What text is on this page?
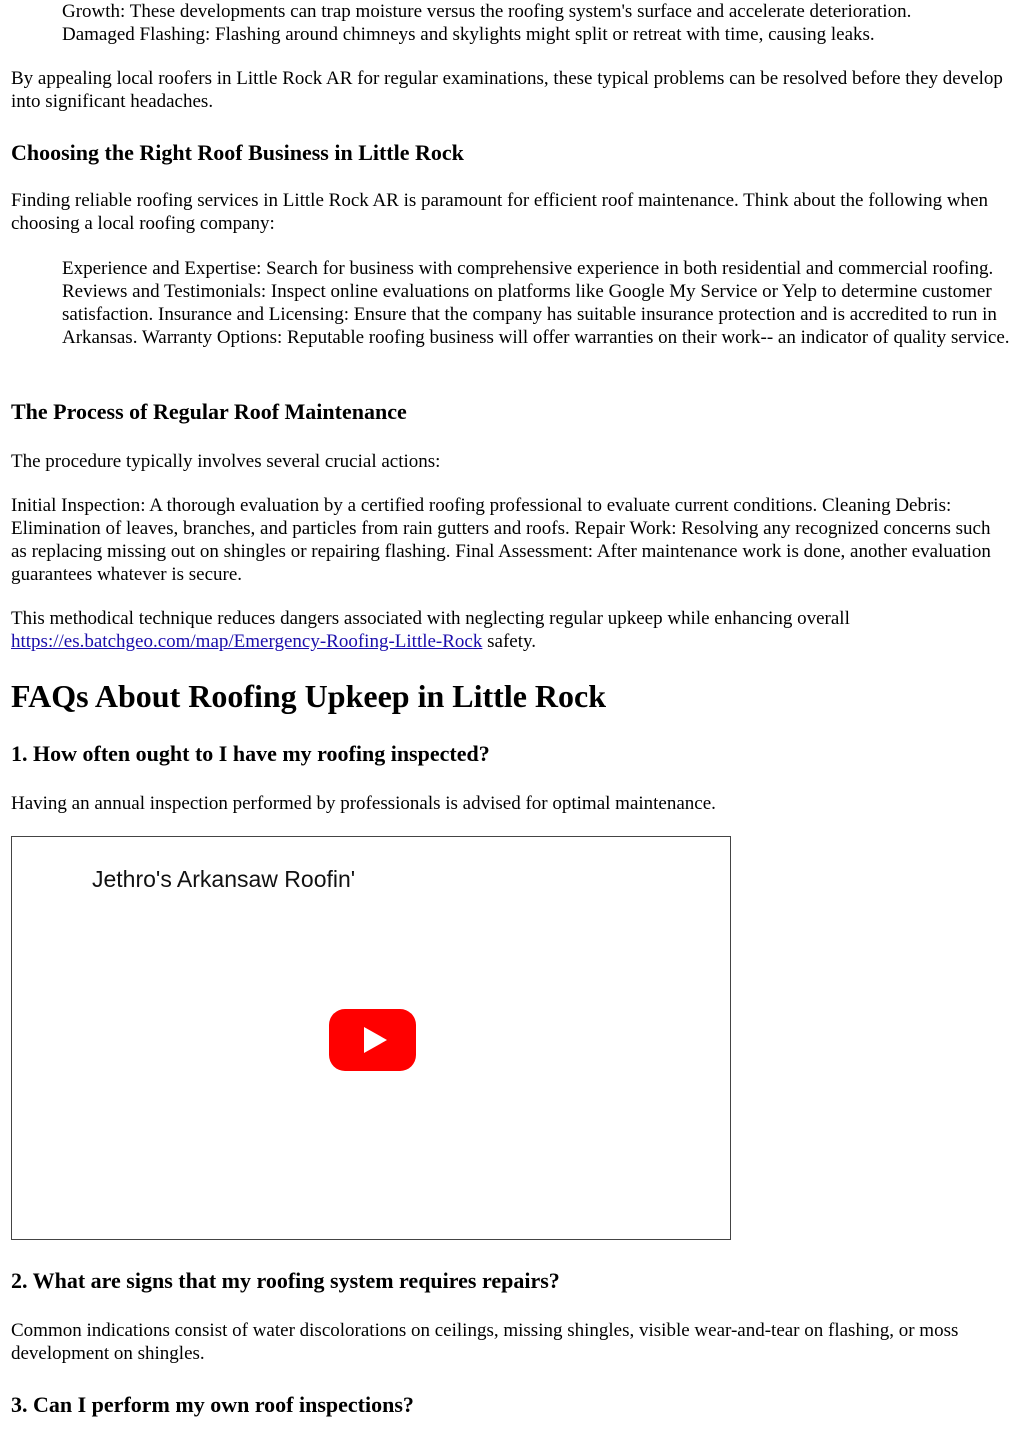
Growth: These developments can trap moisture versus the roofing system's surface and accelerate deterioration.

Damaged Flashing: Flashing around chimneys and skylights might split or retreat with time, causing leaks.

By appealing local roofers in Little Rock AR for regular examinations, these typical problems can be resolved before they develop into significant headaches.

Choosing the Right Roof Business in Little Rock

Finding reliable roofing services in Little Rock AR is paramount for efficient roof maintenance. Think about the following when choosing a local roofing company:

Experience and Expertise: Search for business with comprehensive experience in both residential and commercial roofing. Reviews and Testimonials: Inspect online evaluations on platforms like Google My Service or Yelp to determine customer satisfaction. Insurance and Licensing: Ensure that the company has suitable insurance protection and is accredited to run in Arkansas. Warranty Options: Reputable roofing business will offer warranties on their work-- an indicator of quality service.

The Process of Regular Roof Maintenance

The procedure typically involves several crucial actions:

Initial Inspection: A thorough evaluation by a certified roofing professional to evaluate current conditions. Cleaning Debris: Elimination of leaves, branches, and particles from rain gutters and roofs. Repair Work: Resolving any recognized concerns such as replacing missing out on shingles or repairing flashing. Final Assessment: After maintenance work is done, another evaluation guarantees whatever is secure.

This methodical technique reduces dangers associated with neglecting regular upkeep while enhancing overall
https://es.batchgeo.com/map/Emergency-Roofing-Little-Rock safety.

FAQs About Roofing Upkeep in Little Rock
1. How often ought to I have my roofing inspected?

Having an annual inspection performed by professionals is advised for optimal maintenance.

Jethro's Arkansaw Roofin'
2. What are signs that my roofing system requires repairs?

Common indications consist of water discolorations on ceilings, missing shingles, visible wear-and-tear on flashing, or moss development on shingles.

3. Can I perform my own roof inspections?
